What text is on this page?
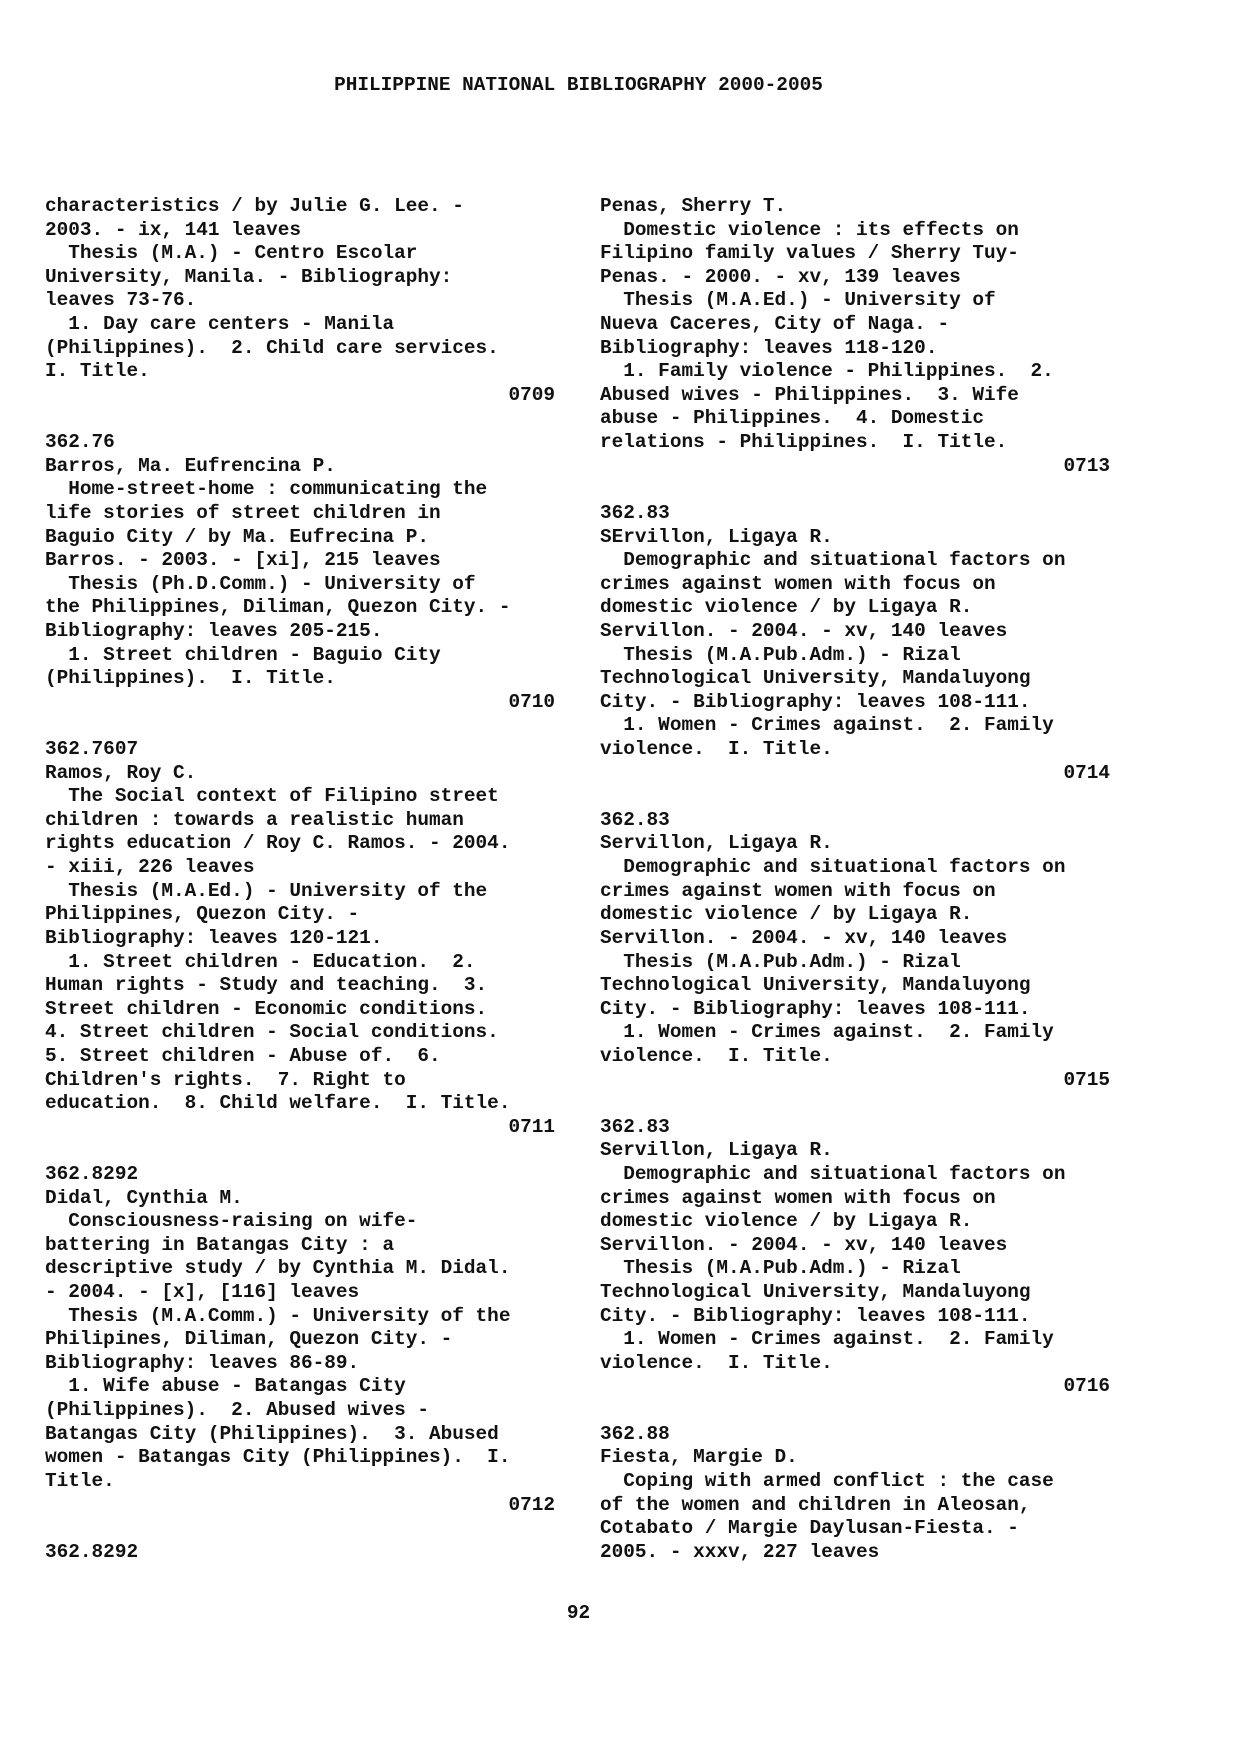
PHILIPPINE NATIONAL BIBLIOGRAPHY 2000-2005
characteristics / by Julie G. Lee. -
2003. - ix, 141 leaves
Thesis (M.A.) - Centro Escolar
University, Manila. - Bibliography:
leaves 73-76.
1. Day care centers - Manila
(Philippines).  2. Child care services.
I. Title.
0709
362.76
Barros, Ma. Eufrencina P.
Home-street-home : communicating the
life stories of street children in
Baguio City / by Ma. Eufrecina P.
Barros. - 2003. - [xi], 215 leaves
Thesis (Ph.D.Comm.) - University of
the Philippines, Diliman, Quezon City. -
Bibliography: leaves 205-215.
1. Street children - Baguio City
(Philippines).  I. Title.
0710
362.7607
Ramos, Roy C.
The Social context of Filipino street
children : towards a realistic human
rights education / Roy C. Ramos. - 2004.
- xiii, 226 leaves
Thesis (M.A.Ed.) - University of the
Philippines, Quezon City. -
Bibliography: leaves 120-121.
1. Street children - Education.  2.
Human rights - Study and teaching.  3.
Street children - Economic conditions.
4. Street children - Social conditions.
5. Street children - Abuse of.  6.
Children's rights.  7. Right to
education.  8. Child welfare.  I. Title.
0711
362.8292
Didal, Cynthia M.
Consciousness-raising on wife-
battering in Batangas City : a
descriptive study / by Cynthia M. Didal.
- 2004. - [x], [116] leaves
Thesis (M.A.Comm.) - University of the
Philipines, Diliman, Quezon City. -
Bibliography: leaves 86-89.
1. Wife abuse - Batangas City
(Philippines).  2. Abused wives -
Batangas City (Philippines).  3. Abused
women - Batangas City (Philippines).  I.
Title.
0712
362.8292
Penas, Sherry T.
Domestic violence : its effects on
Filipino family values / Sherry Tuy-
Penas. - 2000. - xv, 139 leaves
Thesis (M.A.Ed.) - University of
Nueva Caceres, City of Naga. -
Bibliography: leaves 118-120.
1. Family violence - Philippines.  2.
Abused wives - Philippines.  3. Wife
abuse - Philippines.  4. Domestic
relations - Philippines.  I. Title.
0713
362.83
SErvillon, Ligaya R.
Demographic and situational factors on
crimes against women with focus on
domestic violence / by Ligaya R.
Servillon. - 2004. - xv, 140 leaves
Thesis (M.A.Pub.Adm.) - Rizal
Technological University, Mandaluyong
City. - Bibliography: leaves 108-111.
1. Women - Crimes against.  2. Family
violence.  I. Title.
0714
362.83
Servillon, Ligaya R.
Demographic and situational factors on
crimes against women with focus on
domestic violence / by Ligaya R.
Servillon. - 2004. - xv, 140 leaves
Thesis (M.A.Pub.Adm.) - Rizal
Technological University, Mandaluyong
City. - Bibliography: leaves 108-111.
1. Women - Crimes against.  2. Family
violence.  I. Title.
0715
362.83
Servillon, Ligaya R.
Demographic and situational factors on
crimes against women with focus on
domestic violence / by Ligaya R.
Servillon. - 2004. - xv, 140 leaves
Thesis (M.A.Pub.Adm.) - Rizal
Technological University, Mandaluyong
City. - Bibliography: leaves 108-111.
1. Women - Crimes against.  2. Family
violence.  I. Title.
0716
362.88
Fiesta, Margie D.
Coping with armed conflict : the case
of the women and children in Aleosan,
Cotabato / Margie Daylusan-Fiesta. -
2005. - xxxv, 227 leaves
92
